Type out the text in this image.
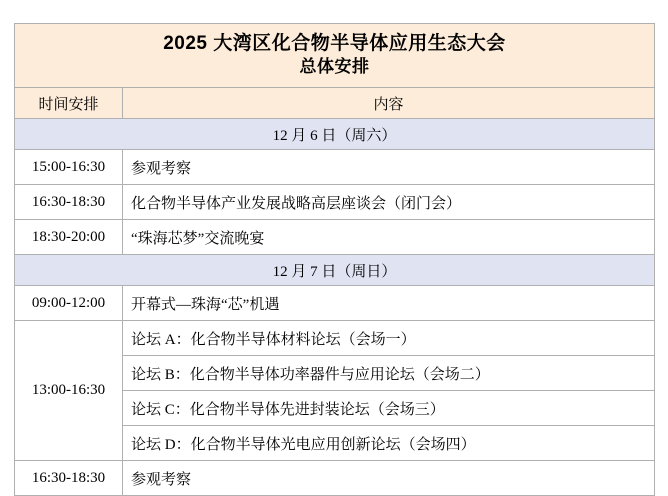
2025 大湾区化合物半导体应用生态大会
总体安排	

时间安排	内容
12 月 6 日（周六）	
15:00-16:30	参观考察
16:30-18:30	化合物半导体产业发展战略高层座谈会（闭门会）
18:30-20:00	“珠海芯梦”交流晚宴
12 月 7 日（周日）	
09:00-12:00	开幕式—珠海“芯”机遇
13:00-16:30	论坛 A：化合物半导体材料论坛（会场一）
	论坛 B：化合物半导体功率器件与应用论坛（会场二）
	论坛 C：化合物半导体先进封装论坛（会场三）
	论坛 D：化合物半导体光电应用创新论坛（会场四）
16:30-18:30	参观考察
